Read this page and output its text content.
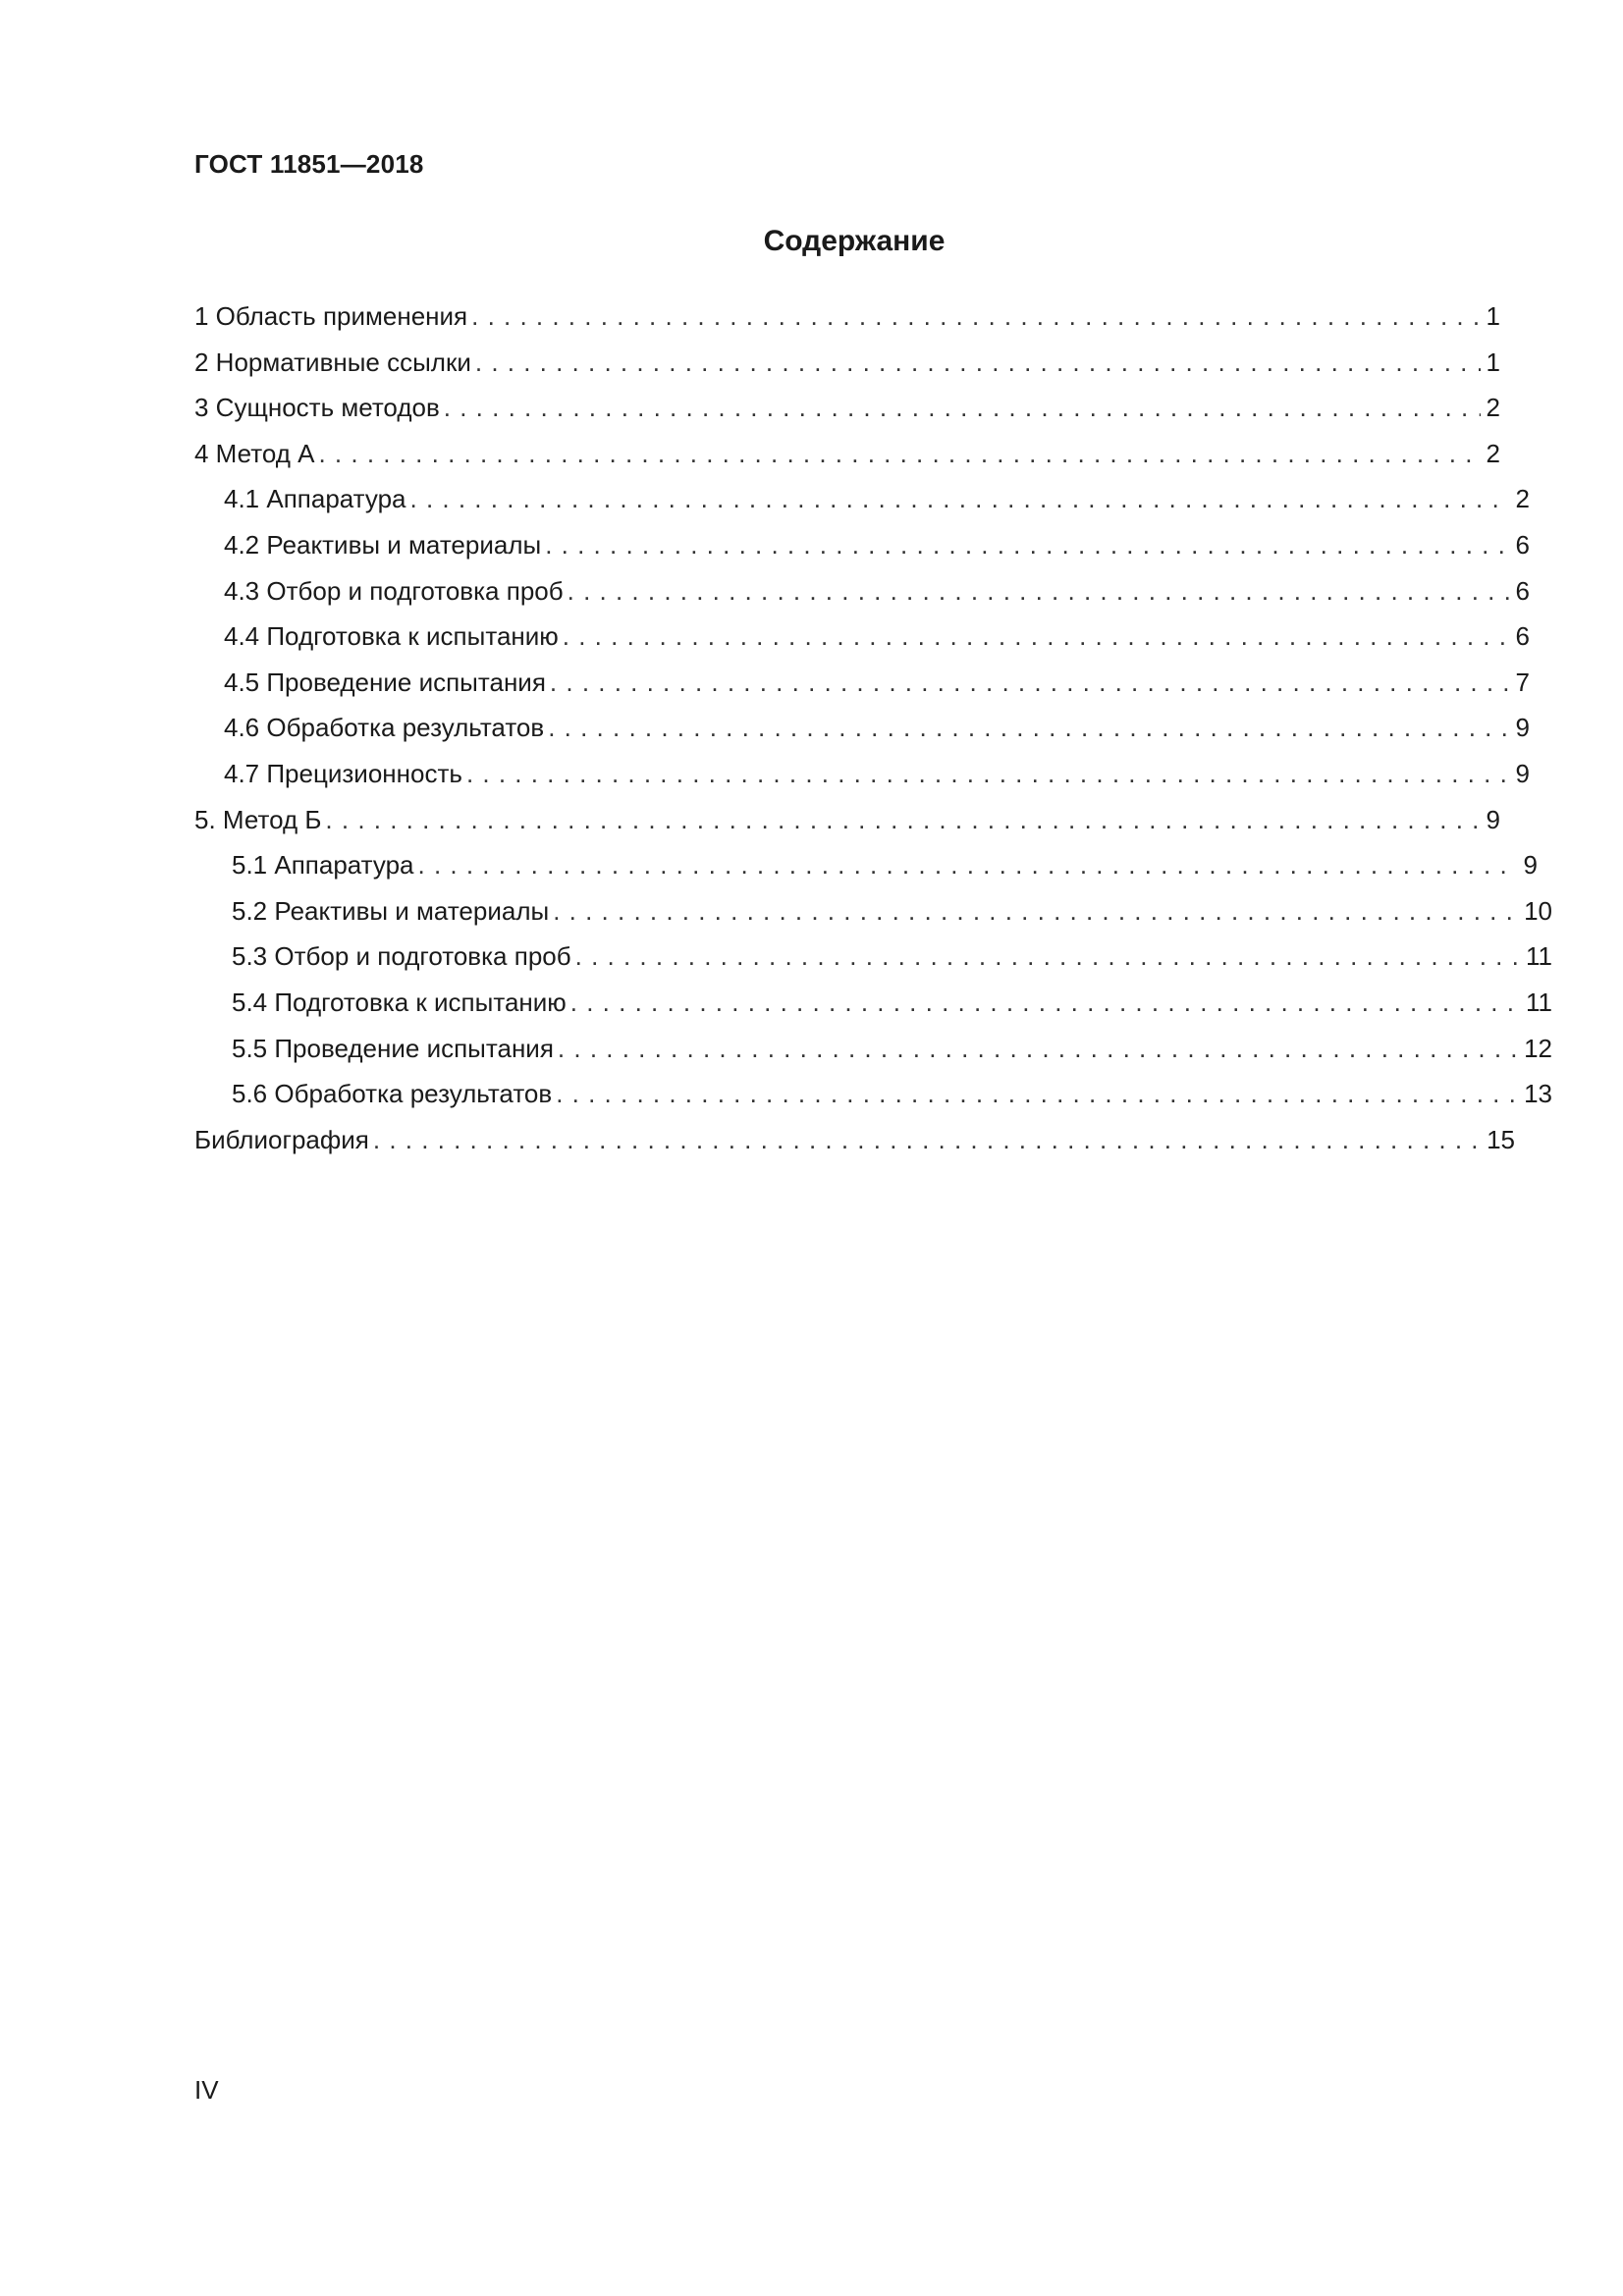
ГОСТ 11851—2018
Содержание
1 Область применения . . .	1
2 Нормативные ссылки . . .	1
3 Сущность методов . . .	2
4 Метод А . . .	2
4.1 Аппаратура . . .	2
4.2 Реактивы и материалы . . .	6
4.3 Отбор и подготовка проб . . .	6
4.4 Подготовка к испытанию . . .	6
4.5 Проведение испытания . . .	7
4.6 Обработка результатов . . .	9
4.7 Прецизионность . . .	9
5. Метод Б . . .	9
5.1 Аппаратура . . .	9
5.2 Реактивы и материалы . . .	10
5.3 Отбор и подготовка проб . . .	11
5.4 Подготовка к испытанию . . .	11
5.5 Проведение испытания . . .	12
5.6 Обработка результатов . . .	13
Библиография . . .	15
IV
